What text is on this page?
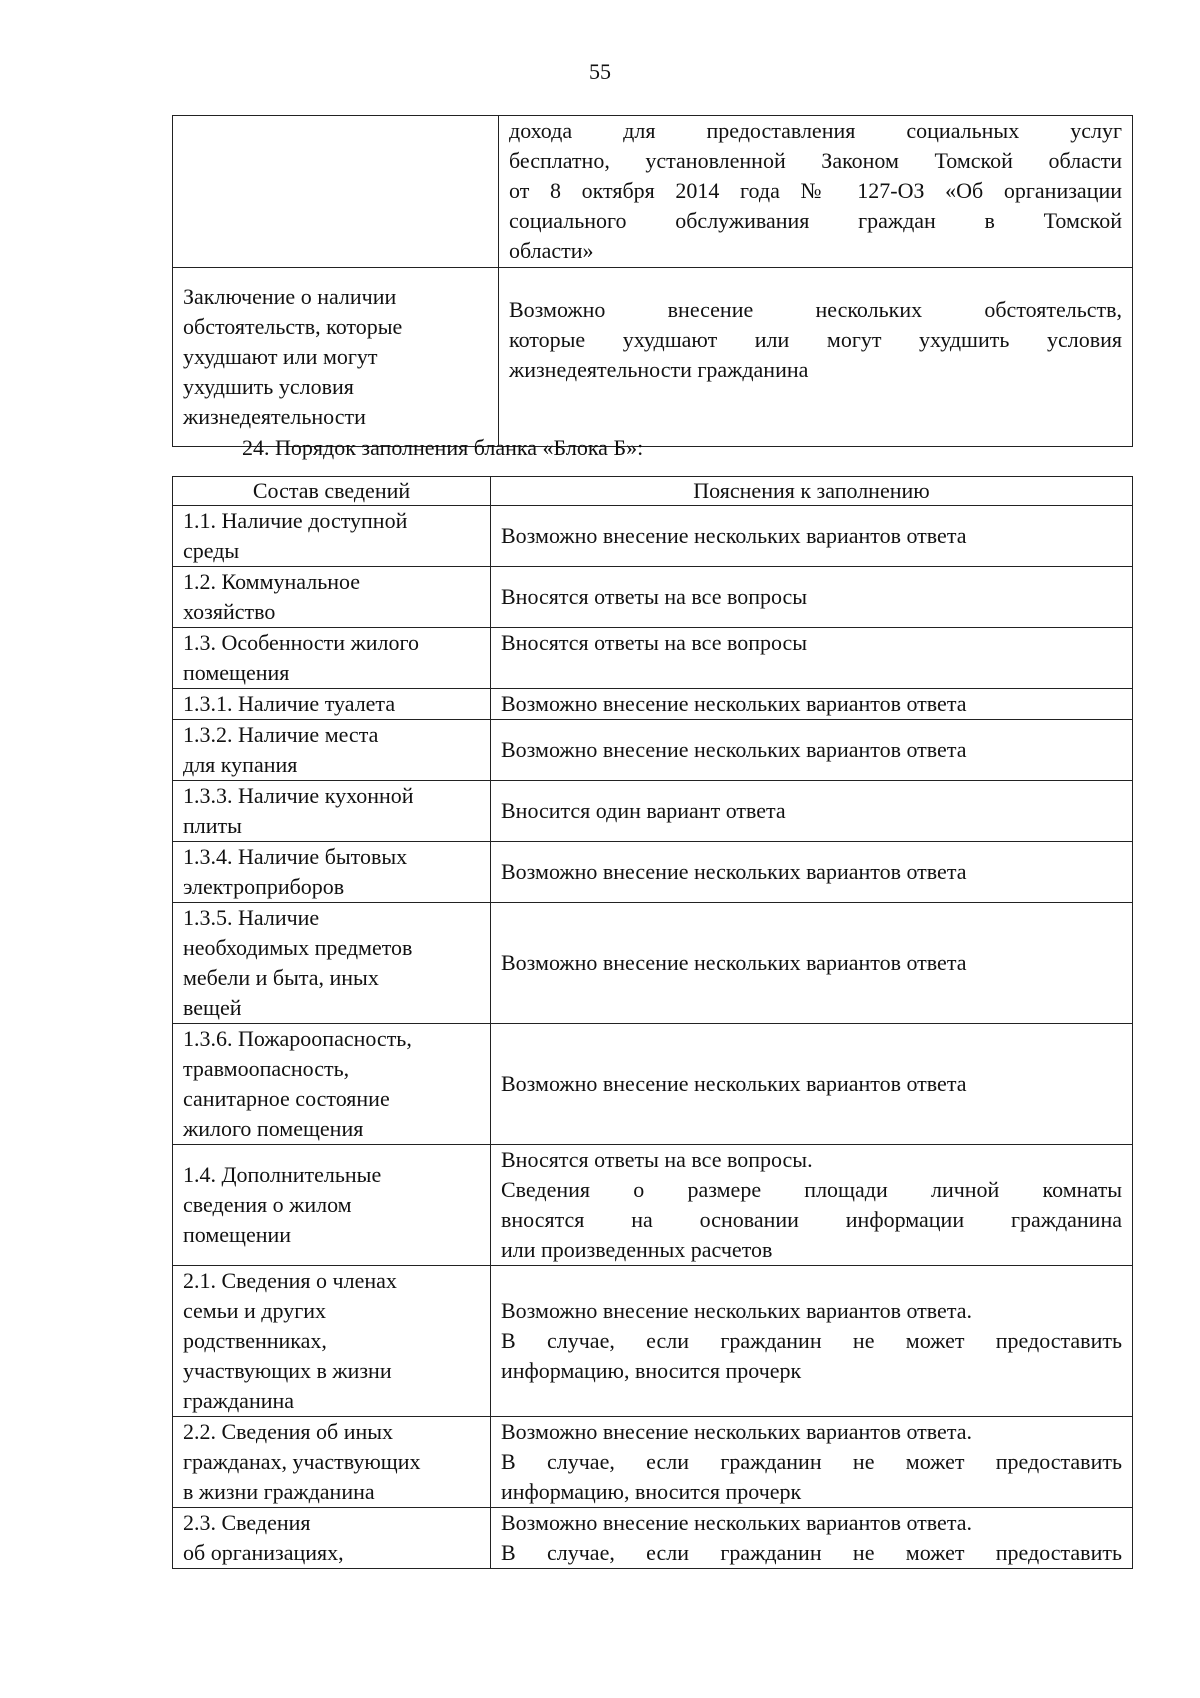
55

	дохода для предоставления социальных услуг
бесплатно, установленной Законом Томской области
от 8 октября 2014 года № 127-ОЗ «Об организации
социального обслуживания граждан в Томской
области»

Заключение о наличии
обстоятельств, которые
ухудшают или могут
ухудшить условия
жизнедеятельности	Возможно внесение нескольких обстоятельств,
которые ухудшают или могут ухудшить условия
жизнедеятельности гражданина
24. Порядок заполнения бланка «Блока Б»:
Состав сведений	Пояснения к заполнению

1.1. Наличие доступной
среды	Возможно внесение нескольких вариантов ответа

1.2. Коммунальное
хозяйство	Вносятся ответы на все вопросы

1.3. Особенности жилого
помещения	Вносятся ответы на все вопросы

1.3.1. Наличие туалета	Возможно внесение нескольких вариантов ответа

1.3.2. Наличие места
для купания	Возможно внесение нескольких вариантов ответа

1.3.3. Наличие кухонной
плиты	Вносится один вариант ответа

1.3.4. Наличие бытовых
электроприборов	Возможно внесение нескольких вариантов ответа

1.3.5. Наличие
необходимых предметов
мебели и быта, иных
вещей	Возможно внесение нескольких вариантов ответа

1.3.6. Пожароопасность,
травмоопасность,
санитарное состояние
жилого помещения	Возможно внесение нескольких вариантов ответа

1.4. Дополнительные
сведения о жилом
помещении	Вносятся ответы на все вопросы.
Сведения о размере площади личной комнаты
вносятся на основании информации гражданина
или произведенных расчетов

2.1. Сведения о членах
семьи и других
родственниках,
участвующих в жизни
гражданина	Возможно внесение нескольких вариантов ответа.
В случае, если гражданин не может предоставить
информацию, вносится прочерк

2.2. Сведения об иных
гражданах, участвующих
в жизни гражданина	Возможно внесение нескольких вариантов ответа.
В случае, если гражданин не может предоставить
информацию, вносится прочерк

2.3. Сведения
об организациях,	Возможно внесение нескольких вариантов ответа.
В случае, если гражданин не может предоставить
